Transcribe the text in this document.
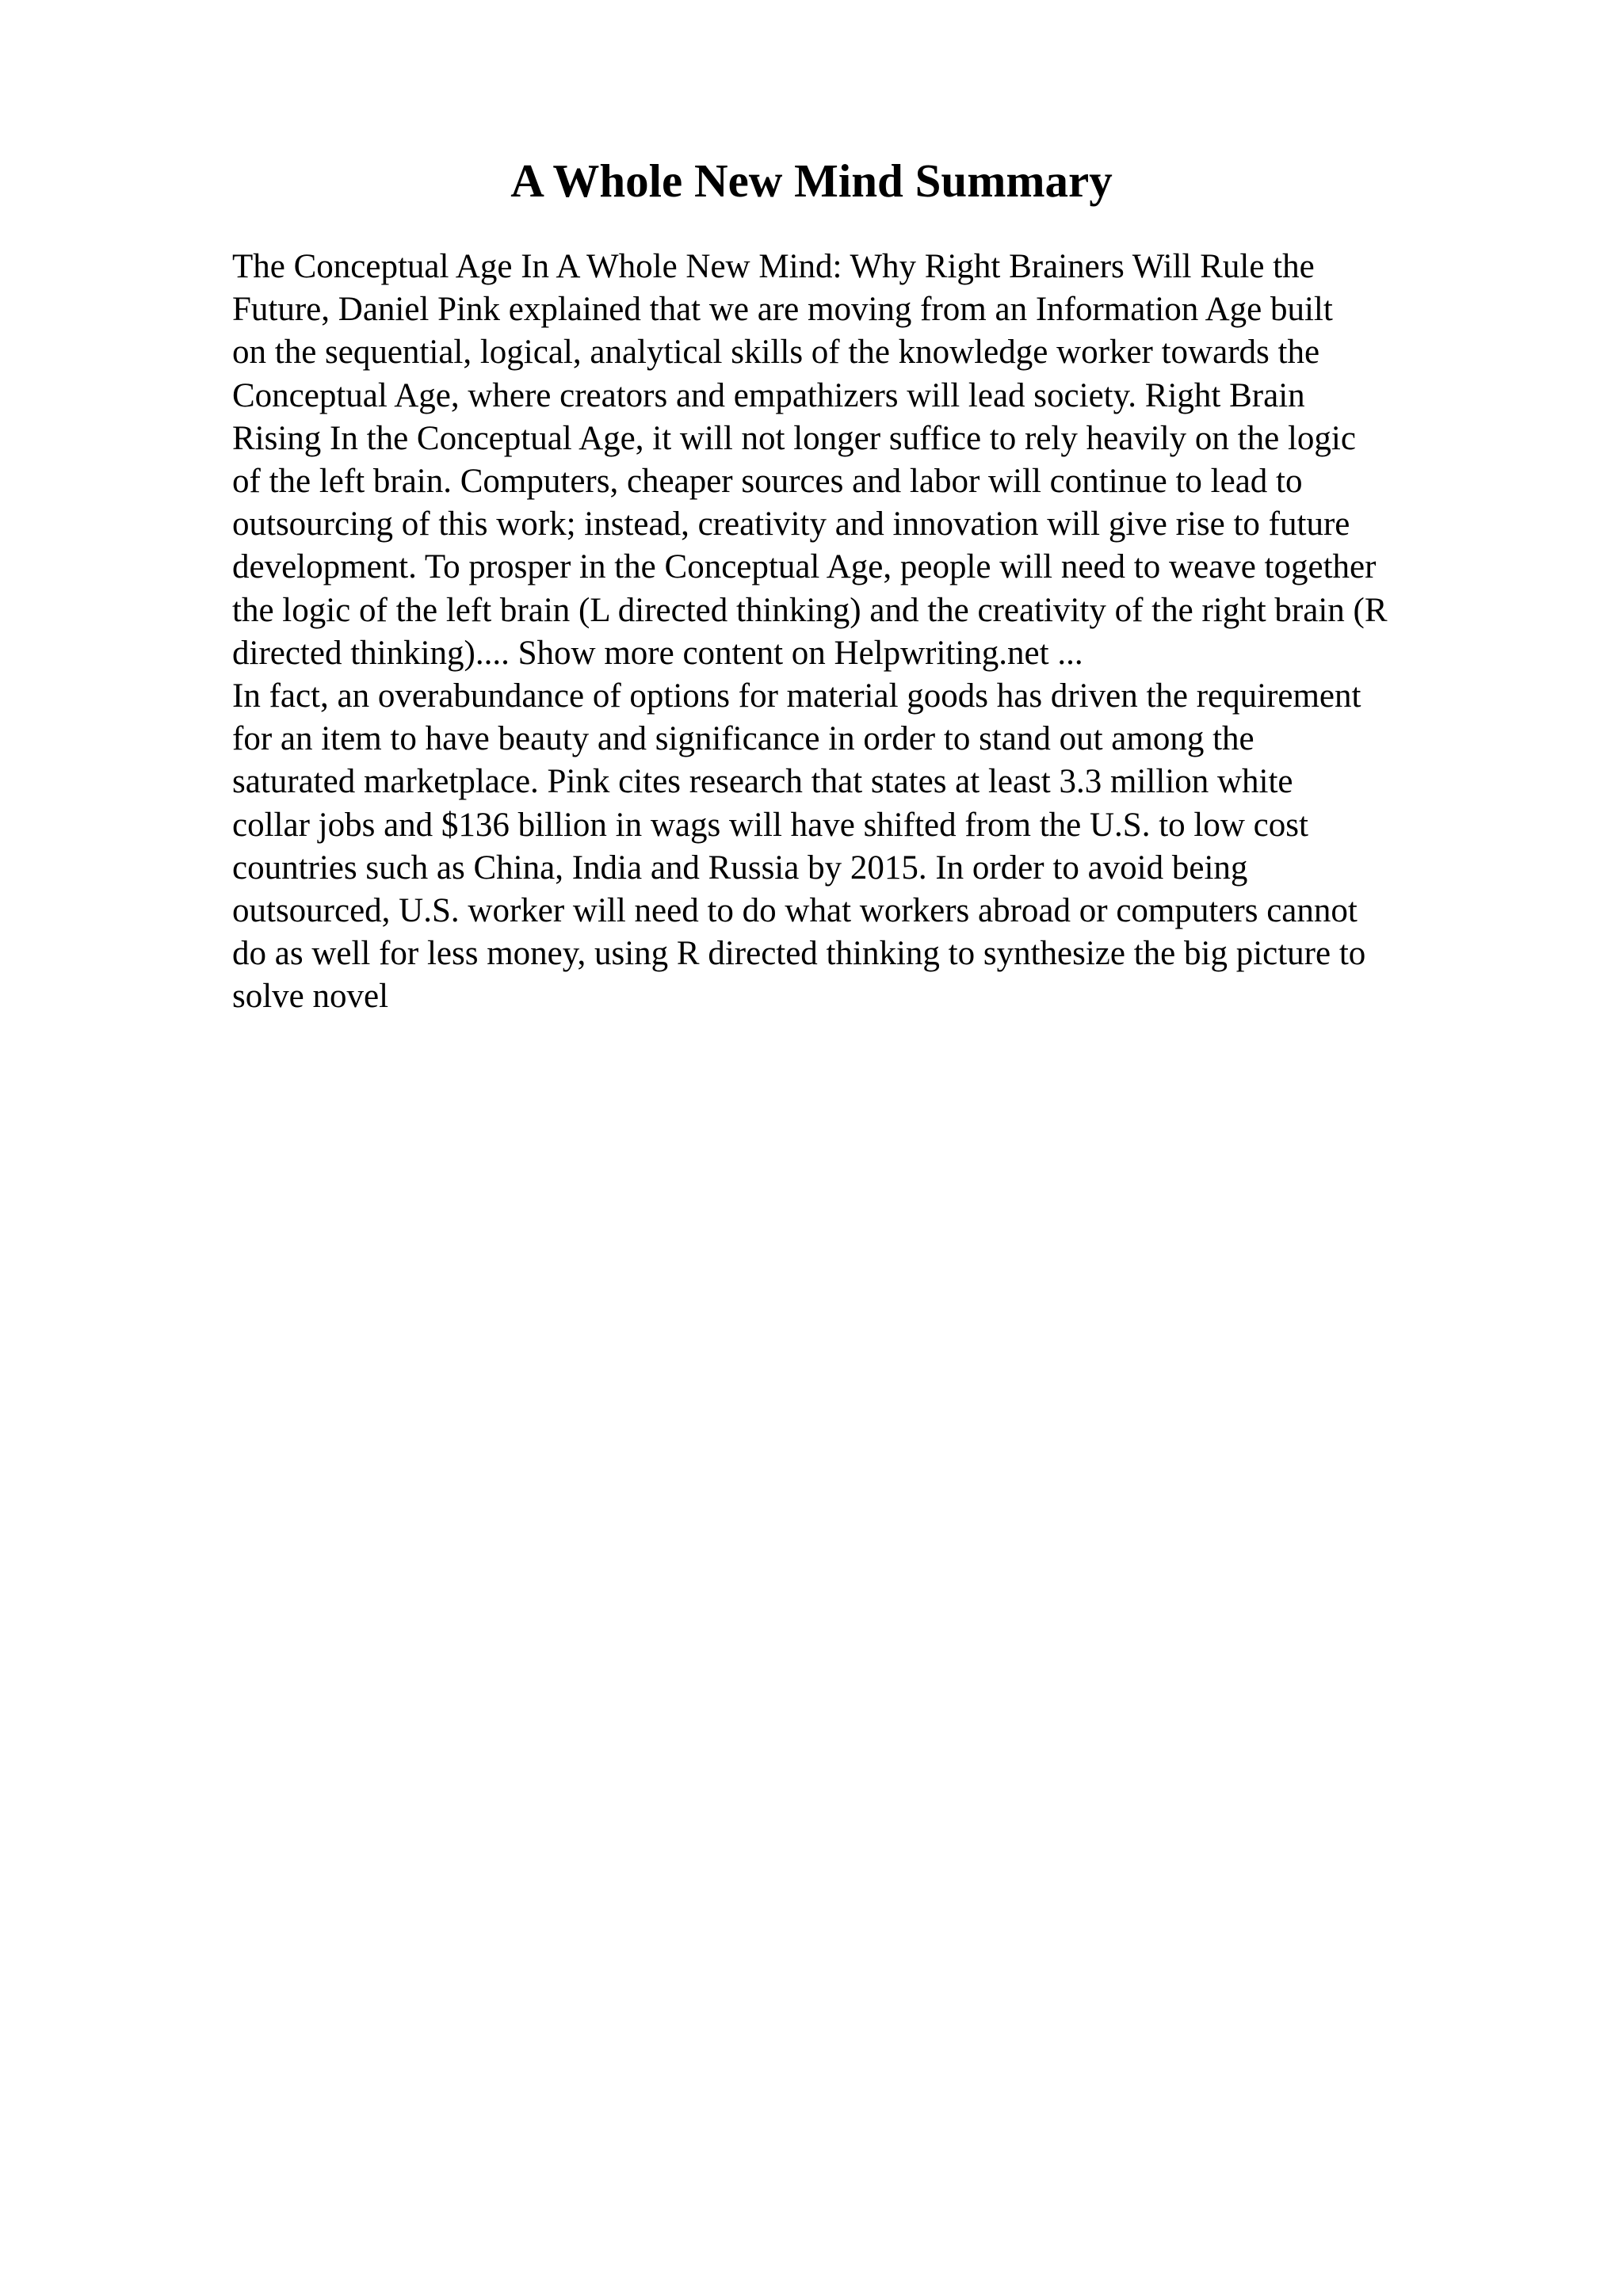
A Whole New Mind Summary
The Conceptual Age In A Whole New Mind: Why Right Brainers Will Rule the
Future, Daniel Pink explained that we are moving from an Information Age built
on the sequential, logical, analytical skills of the knowledge worker towards the
Conceptual Age, where creators and empathizers will lead society. Right Brain
Rising In the Conceptual Age, it will not longer suffice to rely heavily on the logic
of the left brain. Computers, cheaper sources and labor will continue to lead to
outsourcing of this work; instead, creativity and innovation will give rise to future
development. To prosper in the Conceptual Age, people will need to weave together
the logic of the left brain (L directed thinking) and the creativity of the right brain (R
directed thinking).... Show more content on Helpwriting.net ...
In fact, an overabundance of options for material goods has driven the requirement
for an item to have beauty and significance in order to stand out among the
saturated marketplace. Pink cites research that states at least 3.3 million white
collar jobs and $136 billion in wags will have shifted from the U.S. to low cost
countries such as China, India and Russia by 2015. In order to avoid being
outsourced, U.S. worker will need to do what workers abroad or computers cannot
do as well for less money, using R directed thinking to synthesize the big picture to
solve novel
